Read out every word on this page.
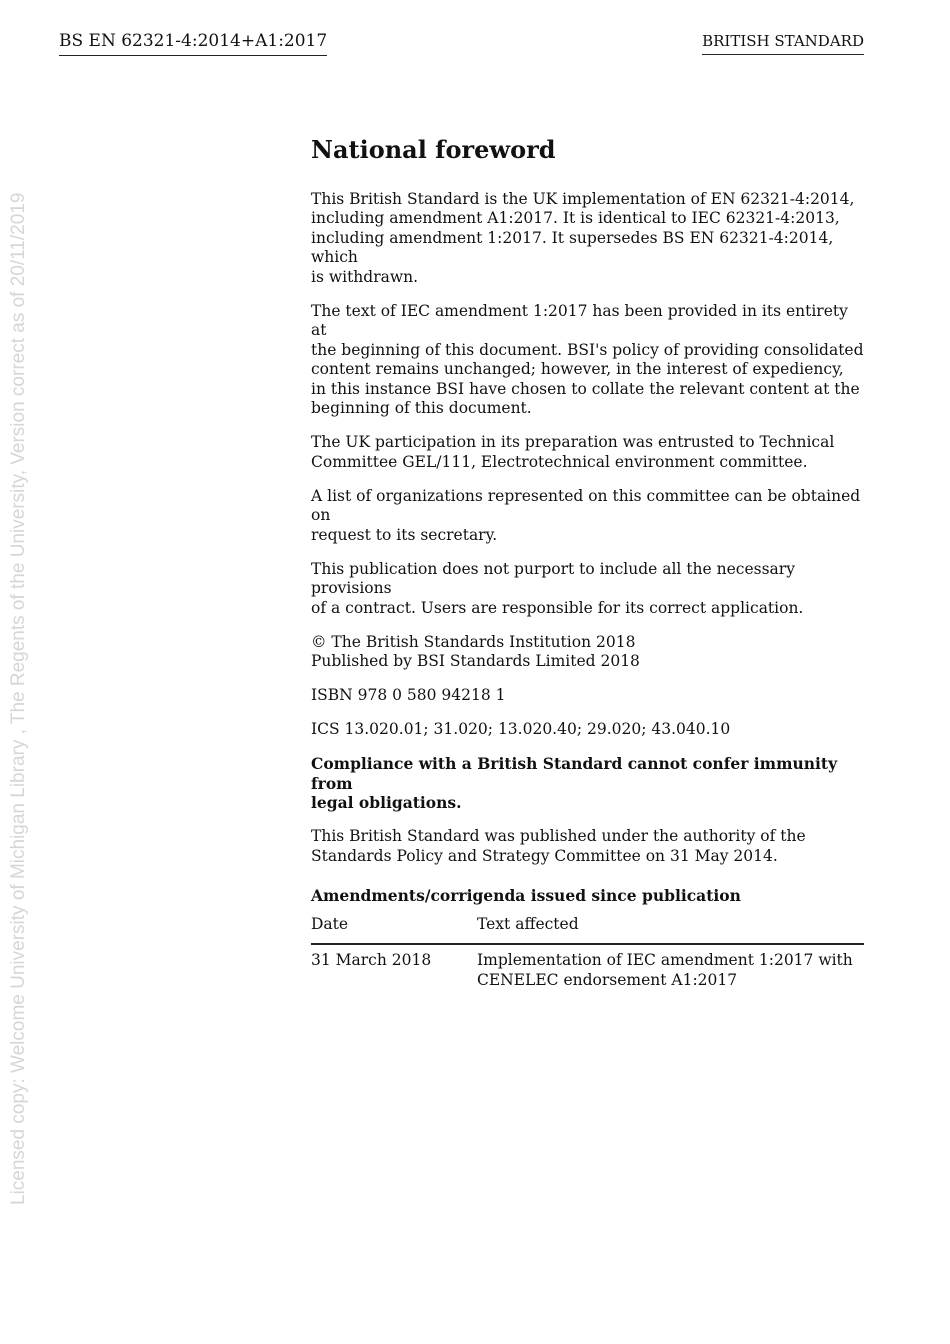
BS EN 62321-4:2014+A1:2017	BRITISH STANDARD
Licensed copy: Welcome University of Michigan Library , The Regents of the University, Version correct as of 20/11/2019
National foreword

This British Standard is the UK implementation of EN 62321-4:2014,
including amendment A1:2017. It is identical to IEC 62321-4:2013,
including amendment 1:2017. It supersedes BS EN 62321-4:2014, which
is withdrawn.

The text of IEC amendment 1:2017 has been provided in its entirety at
the beginning of this document. BSI's policy of providing consolidated
content remains unchanged; however, in the interest of expediency,
in this instance BSI have chosen to collate the relevant content at the
beginning of this document.

The UK participation in its preparation was entrusted to Technical
Committee GEL/111, Electrotechnical environment committee.

A list of organizations represented on this committee can be obtained on
request to its secretary.

This publication does not purport to include all the necessary provisions
of a contract. Users are responsible for its correct application.

© The British Standards Institution 2018
Published by BSI Standards Limited 2018

ISBN 978 0 580 94218 1

ICS 13.020.01; 31.020; 13.020.40; 29.020; 43.040.10

Compliance with a British Standard cannot confer immunity from
legal obligations.

This British Standard was published under the authority of the
Standards Policy and Strategy Committee on 31 May 2014.

Amendments/corrigenda issued since publication
Date	Text affected
31 March 2018	Implementation of IEC amendment 1:2017 with
CENELEC endorsement A1:2017
